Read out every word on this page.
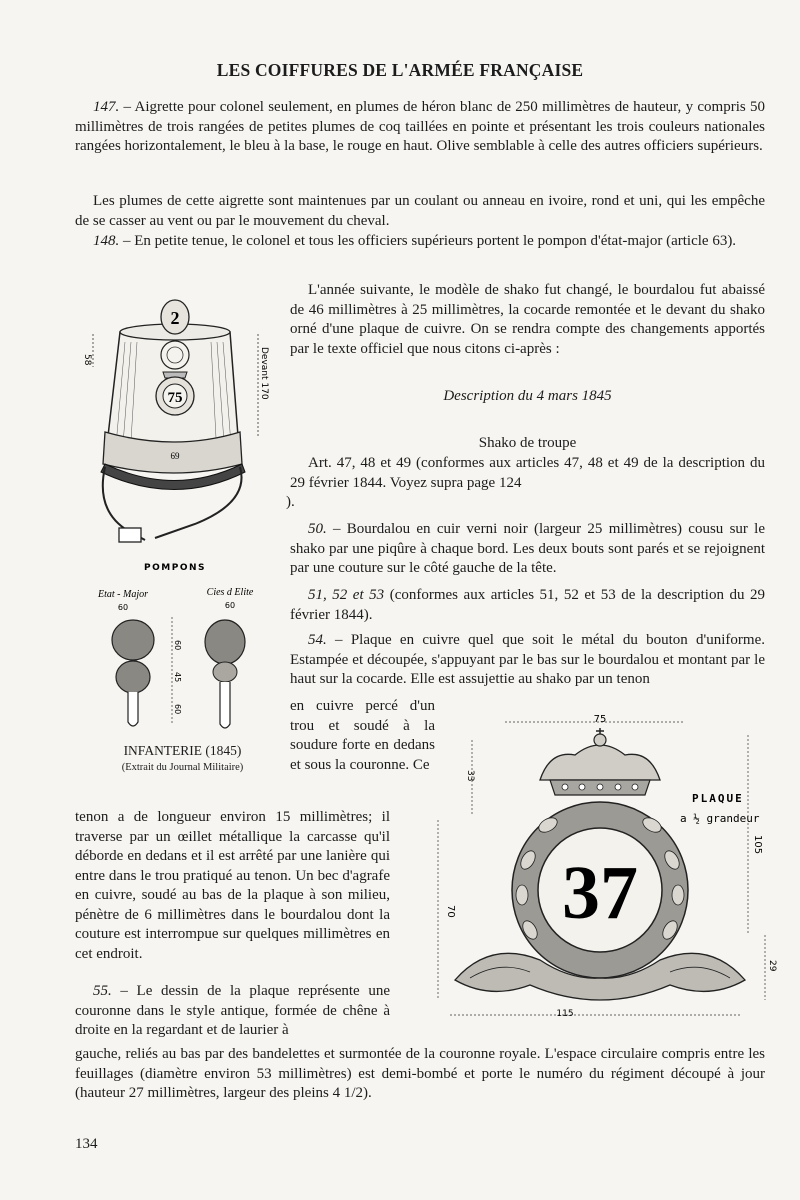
LES COIFFURES DE L'ARMÉE FRANÇAISE

147. – Aigrette pour colonel seulement, en plumes de héron blanc de 250 millimètres de hauteur, y compris 50 millimètres de trois rangées de petites plumes de coq taillées en pointe et présentant les trois couleurs nationales rangées horizontalement, le bleu à la base, le rouge en haut. Olive semblable à celle des autres officiers supérieurs.

Les plumes de cette aigrette sont maintenues par un coulant ou anneau en ivoire, rond et uni, qui les empêche de se casser au vent ou par le mouvement du cheval.

148. – En petite tenue, le colonel et tous les officiers supérieurs portent le pompon d'état-major (article 63).

L'année suivante, le modèle de shako fut changé, le bourdalou fut abaissé de 46 millimètres à 25 millimètres, la cocarde remontée et le devant du shako orné d'une plaque de cuivre. On se rendra compte des changements apportés par le texte officiel que nous citons ci-après :

Description du 4 mars 1845

Shako de troupe

Art. 47, 48 et 49 (conformes aux articles 47, 48 et 49 de la description du 29 février 1844. Voyez supra page 124
).

50. – Bourdalou en cuir verni noir (largeur 25 millimètres) cousu sur le shako par une piqûre à chaque bord. Les deux bouts sont parés et se rejoignent par une couture sur le côté gauche de la tête.

51, 52 et 53 (conformes aux articles 51, 52 et 53 de la description du 29 février 1844).

54. – Plaque en cuivre quel que soit le métal du bouton d'uniforme. Estampée et découpée, s'appuyant par le bas sur le bourdalou et montant par le haut sur la cocarde. Elle est assujettie au shako par un tenon

en cuivre percé d'un trou et soudé à la soudure forte en dedans et sous la couronne. Ce

tenon a de longueur environ 15 millimètres; il traverse par un œillet métallique la carcasse qu'il déborde en dedans et il est arrêté par une lanière qui entre dans le trou pratiqué au tenon. Un bec d'agrafe en cuivre, soudé au bas de la plaque à son milieu, pénètre de 6 millimètres dans le bourdalou dont la couture est interrompue sur quelques millimètres en cet endroit.

55. – Le dessin de la plaque représente une couronne dans le style antique, formée de chêne à droite en la regardant et de laurier à

gauche, reliés au bas par des bandelettes et surmontée de la couronne royale. L'espace circulaire compris entre les feuillages (diamètre environ 53 millimètres) est demi-bombé et porte le numéro du régiment découpé à jour (hauteur 27 millimètres, largeur des pleins 4 1/2).

2
75
69
58	Devant 170
POMPONS
Etat - Major
60
Cies d Elite
60
60
45
60
INFANTERIE (1845)
(Extrait du Journal Militaire)
75
115
70
33
105
29
PLAQUE
a ½ grandeur
37
134
